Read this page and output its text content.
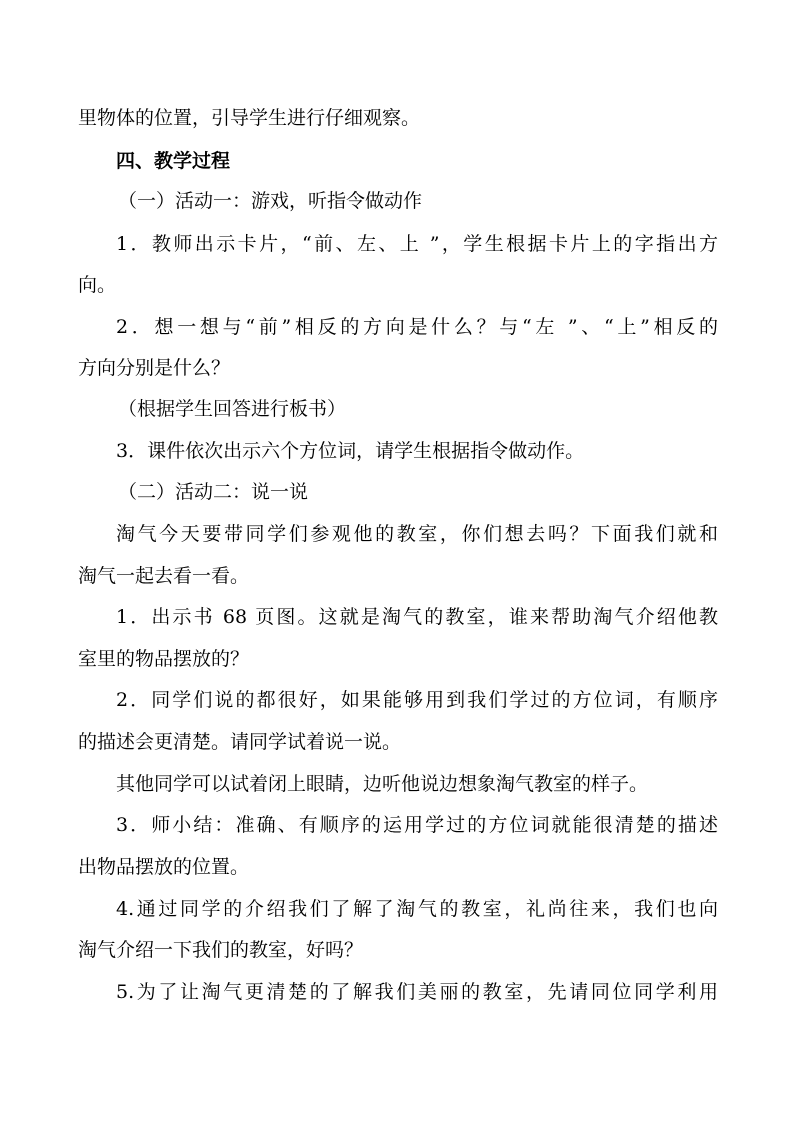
里物体的位置，引导学生进行仔细观察。
四、教学过程
（一）活动一：游戏，听指令做动作
1．教师出示卡片，“前、左、上 ”，学生根据卡片上的字指出方
向。
2．想一想与“前”相反的方向是什么？与“左 ”、“上”相反的
方向分别是什么？
（根据学生回答进行板书）
3．课件依次出示六个方位词，请学生根据指令做动作。
（二）活动二：说一说
淘气今天要带同学们参观他的教室，你们想去吗？下面我们就和
淘气一起去看一看。
1．出示书 68 页图。这就是淘气的教室，谁来帮助淘气介绍他教
室里的物品摆放的？
2．同学们说的都很好，如果能够用到我们学过的方位词，有顺序
的描述会更清楚。请同学试着说一说。
其他同学可以试着闭上眼睛，边听他说边想象淘气教室的样子。
3．师小结：准确、有顺序的运用学过的方位词就能很清楚的描述
出物品摆放的位置。
4.通过同学的介绍我们了解了淘气的教室，礼尚往来，我们也向
淘气介绍一下我们的教室，好吗？
5.为了让淘气更清楚的了解我们美丽的教室，先请同位同学利用
